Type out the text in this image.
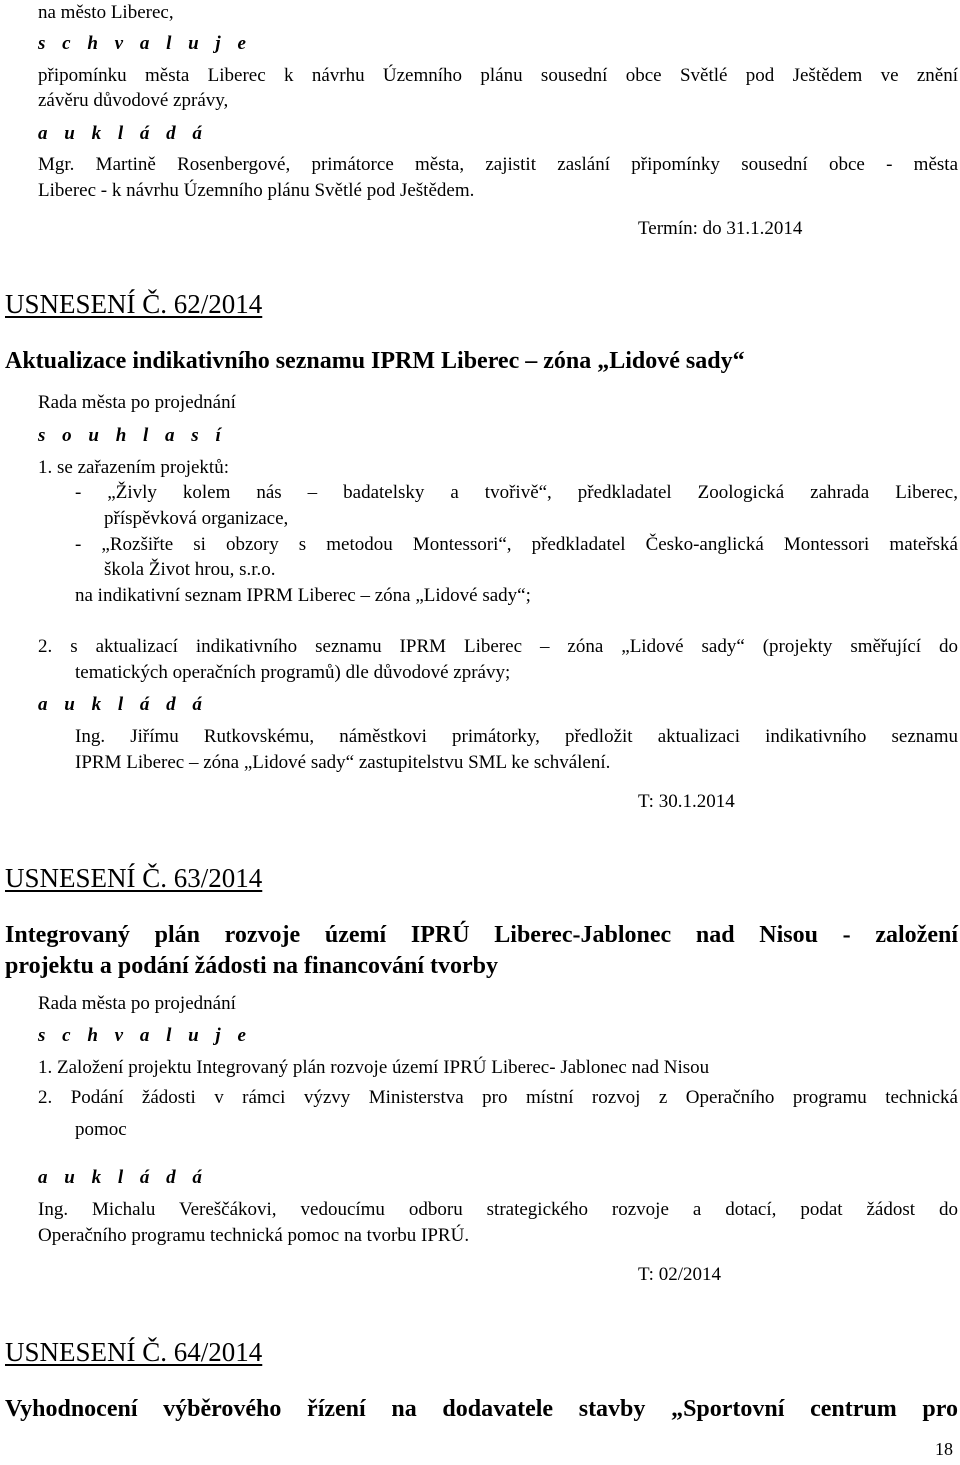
na město Liberec,
s c h v a l u j e
připomínku města Liberec k návrhu Územního plánu sousední obce Světlé pod Ještědem ve znění
závěru důvodové zprávy,
a u k l á d á
Mgr. Martině Rosenbergové, primátorce města, zajistit zaslání připomínky sousední obce - města
Liberec - k návrhu Územního plánu Světlé pod Ještědem.
Termín: do 31.1.2014
USNESENÍ Č. 62/2014
Aktualizace indikativního seznamu IPRM Liberec – zóna „Lidové sady“
Rada města po projednání
s o u h l a s í
1. se zařazením projektů:
- „Živly kolem nás – badatelsky a tvořivě“, předkladatel Zoologická zahrada Liberec,
příspěvková organizace,
- „Rozšiřte si obzory s metodou Montessori“, předkladatel Česko-anglická Montessori mateřská
škola Život hrou, s.r.o.
na indikativní seznam IPRM Liberec – zóna „Lidové sady“;
2. s aktualizací indikativního seznamu IPRM Liberec – zóna „Lidové sady“ (projekty směřující do
tematických operačních programů) dle důvodové zprávy;
a u k l á d á
Ing. Jiřímu Rutkovskému, náměstkovi primátorky, předložit aktualizaci indikativního seznamu
IPRM Liberec – zóna „Lidové sady“ zastupitelstvu SML ke schválení.
T: 30.1.2014
USNESENÍ Č. 63/2014
Integrovaný plán rozvoje území IPRÚ Liberec-Jablonec nad Nisou - založení
projektu a podání žádosti na financování tvorby
Rada města po projednání
s c h v a l u j e
1. Založení projektu Integrovaný plán rozvoje území IPRÚ Liberec- Jablonec nad Nisou
2. Podání žádosti v rámci výzvy Ministerstva pro místní rozvoj z Operačního programu technická
pomoc
a u k l á d á
Ing. Michalu Vereščákovi, vedoucímu odboru strategického rozvoje a dotací, podat žádost do
Operačního programu technická pomoc na tvorbu IPRÚ.
T: 02/2014
USNESENÍ Č. 64/2014
Vyhodnocení výběrového řízení na dodavatele stavby „Sportovní centrum pro
18
